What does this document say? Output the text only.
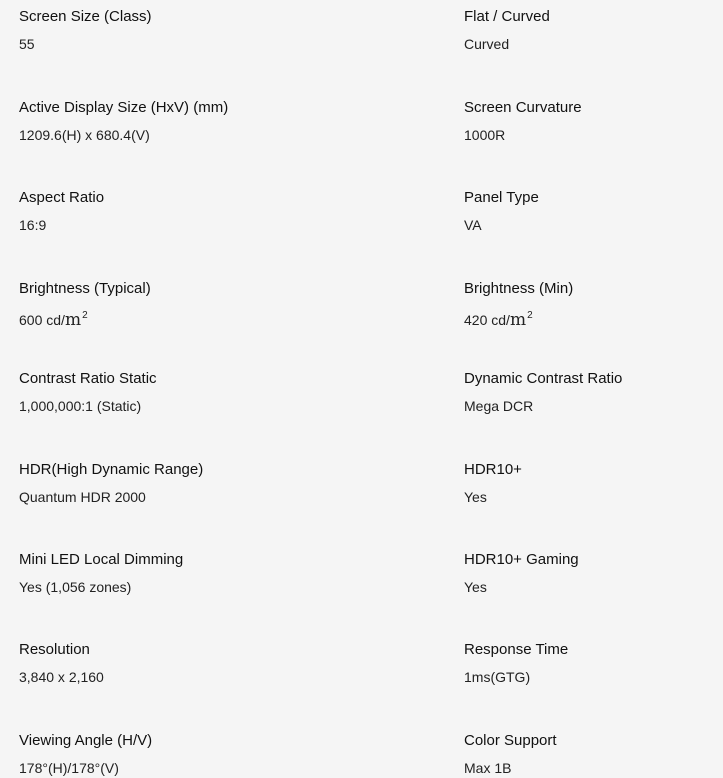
Screen Size (Class)
55
Flat / Curved
Curved
Active Display Size (HxV) (mm)
1209.6(H) x 680.4(V)
Screen Curvature
1000R
Aspect Ratio
16:9
Panel Type
VA
Brightness (Typical)
600 $cd/m^2$
Brightness (Min)
420 $cd/m^2$
Contrast Ratio Static
1,000,000:1 (Static)
Dynamic Contrast Ratio
Mega DCR
HDR(High Dynamic Range)
Quantum HDR 2000
HDR10+
Yes
Mini LED Local Dimming
Yes (1,056 zones)
HDR10+ Gaming
Yes
Resolution
3,840 x 2,160
Response Time
1ms(GTG)
Viewing Angle (H/V)
178°(H)/178°(V)
Color Support
Max 1B
